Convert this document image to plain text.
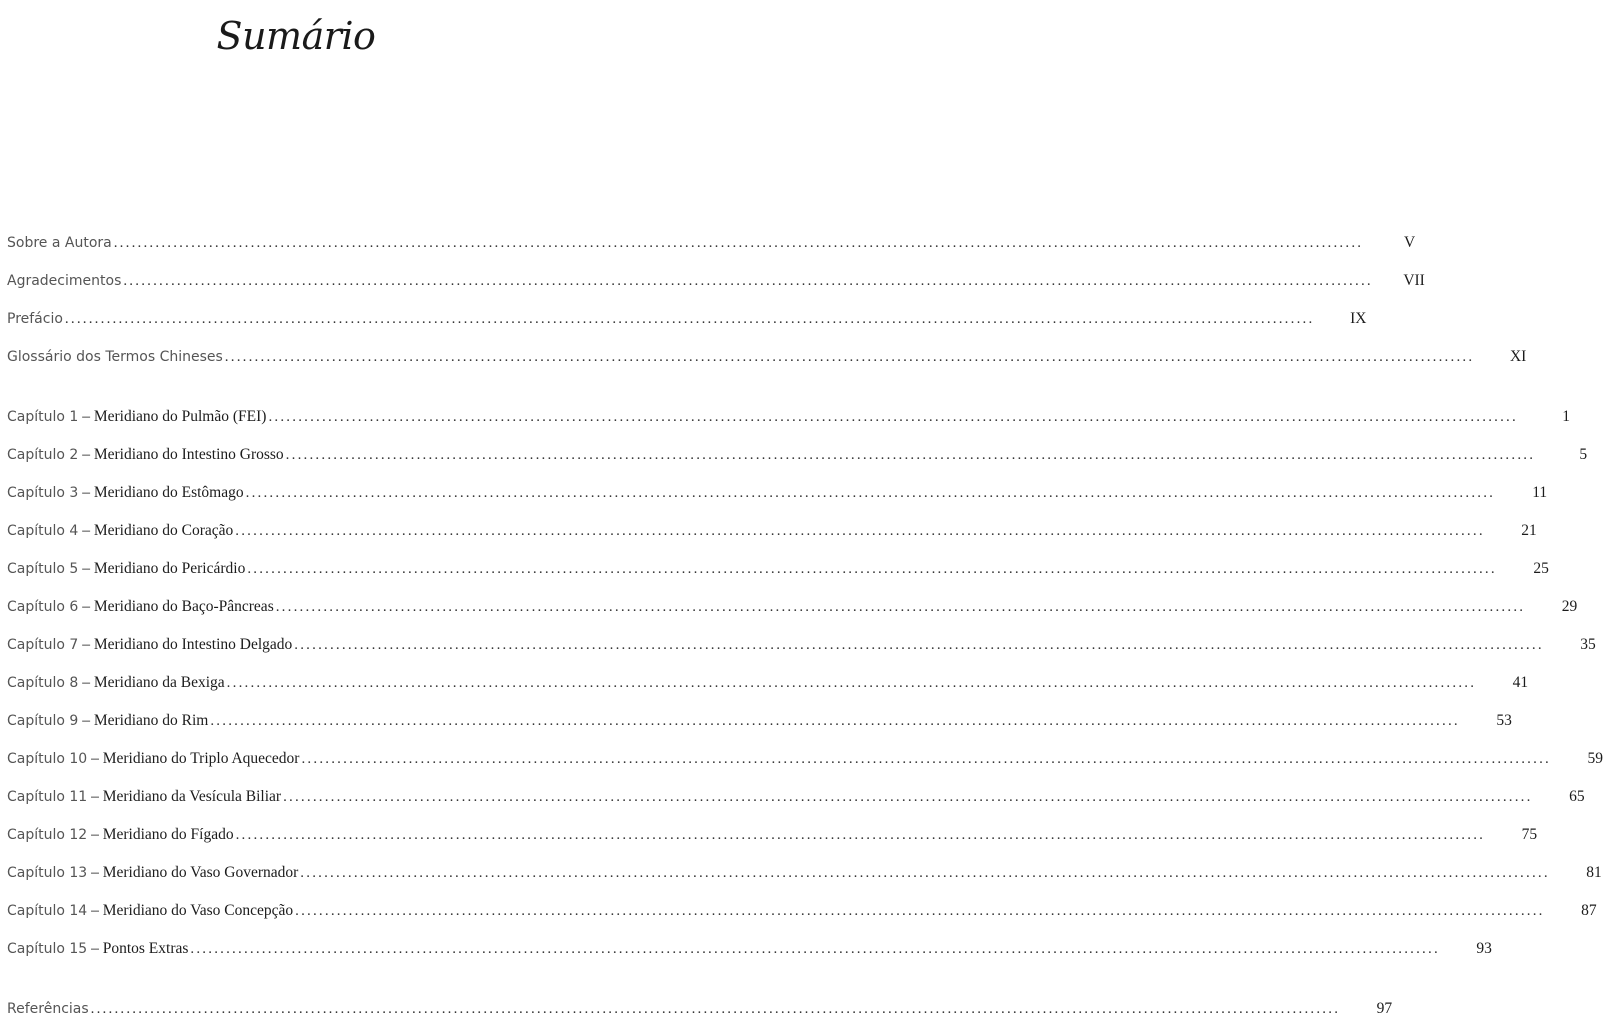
Sumário
Sobre a Autora .....	V
Agradecimentos .....	VII
Prefácio .....	IX
Glossário dos Termos Chineses .....	XI
Capítulo 1 – Meridiano do Pulmão (FEI) .....	1
Capítulo 2 – Meridiano do Intestino Grosso .....	5
Capítulo 3 – Meridiano do Estômago .....	11
Capítulo 4 – Meridiano do Coração .....	21
Capítulo 5 – Meridiano do Pericárdio .....	25
Capítulo 6 – Meridiano do Baço-Pâncreas .....	29
Capítulo 7 – Meridiano do Intestino Delgado .....	35
Capítulo 8 – Meridiano da Bexiga .....	41
Capítulo 9 – Meridiano do Rim .....	53
Capítulo 10 – Meridiano do Triplo Aquecedor .....	59
Capítulo 11 – Meridiano da Vesícula Biliar .....	65
Capítulo 12 – Meridiano do Fígado .....	75
Capítulo 13 – Meridiano do Vaso Governador .....	81
Capítulo 14 – Meridiano do Vaso Concepção .....	87
Capítulo 15 – Pontos Extras .....	93
Referências .....	97
